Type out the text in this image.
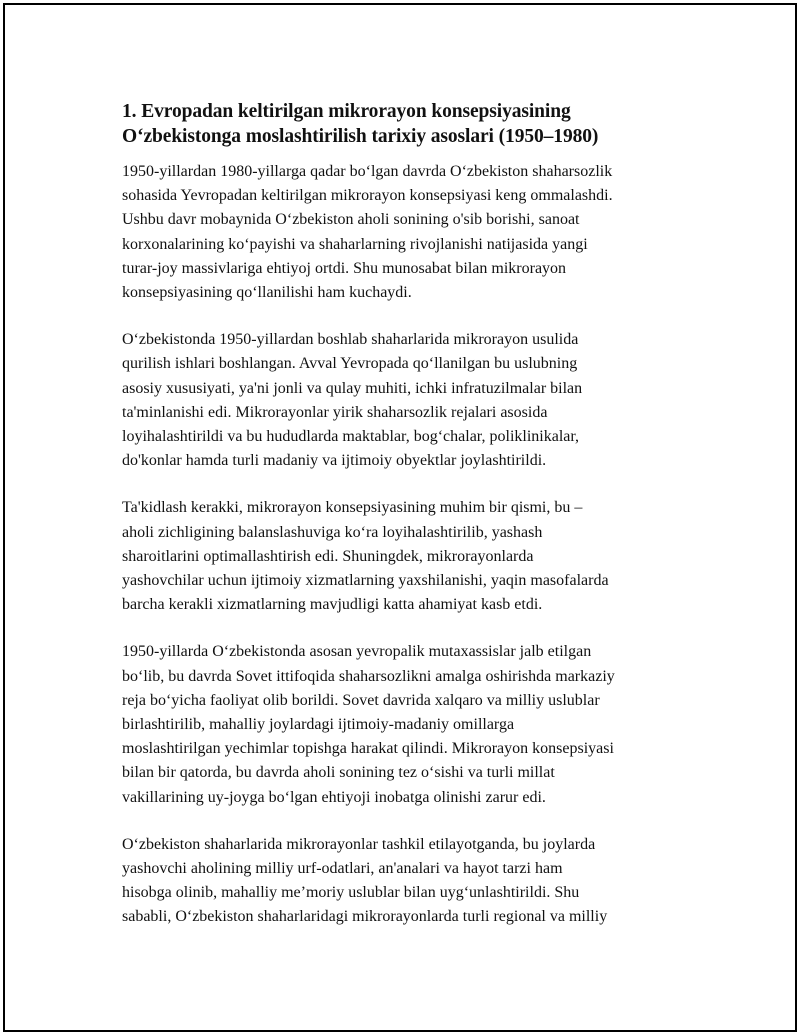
1. Evropadan keltirilgan mikrorayon konsepsiyasining
O‘zbekistonga moslashtirilish tarixiy asoslari (1950–1980)

1950-yillardan 1980-yillarga qadar bo‘lgan davrda O‘zbekiston shaharsozlik
sohasida Yevropadan keltirilgan mikrorayon konsepsiyasi keng ommalashdi.
Ushbu davr mobaynida O‘zbekiston aholi sonining o'sib borishi, sanoat
korxonalarining ko‘payishi va shaharlarning rivojlanishi natijasida yangi
turar-joy massivlariga ehtiyoj ortdi. Shu munosabat bilan mikrorayon
konsepsiyasining qo‘llanilishi ham kuchaydi.

O‘zbekistonda 1950-yillardan boshlab shaharlarida mikrorayon usulida
qurilish ishlari boshlangan. Avval Yevropada qo‘llanilgan bu uslubning
asosiy xususiyati, ya'ni jonli va qulay muhiti, ichki infratuzilmalar bilan
ta'minlanishi edi. Mikrorayonlar yirik shaharsozlik rejalari asosida
loyihalashtirildi va bu hududlarda maktablar, bog‘chalar, poliklinikalar,
do'konlar hamda turli madaniy va ijtimoiy obyektlar joylashtirildi.

Ta'kidlash kerakki, mikrorayon konsepsiyasining muhim bir qismi, bu –
aholi zichligining balanslashuviga ko‘ra loyihalashtirilib, yashash
sharoitlarini optimallashtirish edi. Shuningdek, mikrorayonlarda
yashovchilar uchun ijtimoiy xizmatlarning yaxshilanishi, yaqin masofalarda
barcha kerakli xizmatlarning mavjudligi katta ahamiyat kasb etdi.

1950-yillarda O‘zbekistonda asosan yevropalik mutaxassislar jalb etilgan
bo‘lib, bu davrda Sovet ittifoqida shaharsozlikni amalga oshirishda markaziy
reja bo‘yicha faoliyat olib borildi. Sovet davrida xalqaro va milliy uslublar
birlashtirilib, mahalliy joylardagi ijtimoiy-madaniy omillarga
moslashtirilgan yechimlar topishga harakat qilindi. Mikrorayon konsepsiyasi
bilan bir qatorda, bu davrda aholi sonining tez o‘sishi va turli millat
vakillarining uy-joyga bo‘lgan ehtiyoji inobatga olinishi zarur edi.

O‘zbekiston shaharlarida mikrorayonlar tashkil etilayotganda, bu joylarda
yashovchi aholining milliy urf-odatlari, an'analari va hayot tarzi ham
hisobga olinib, mahalliy me’moriy uslublar bilan uyg‘unlashtirildi. Shu
sababli, O‘zbekiston shaharlaridagi mikrorayonlarda turli regional va milliy
